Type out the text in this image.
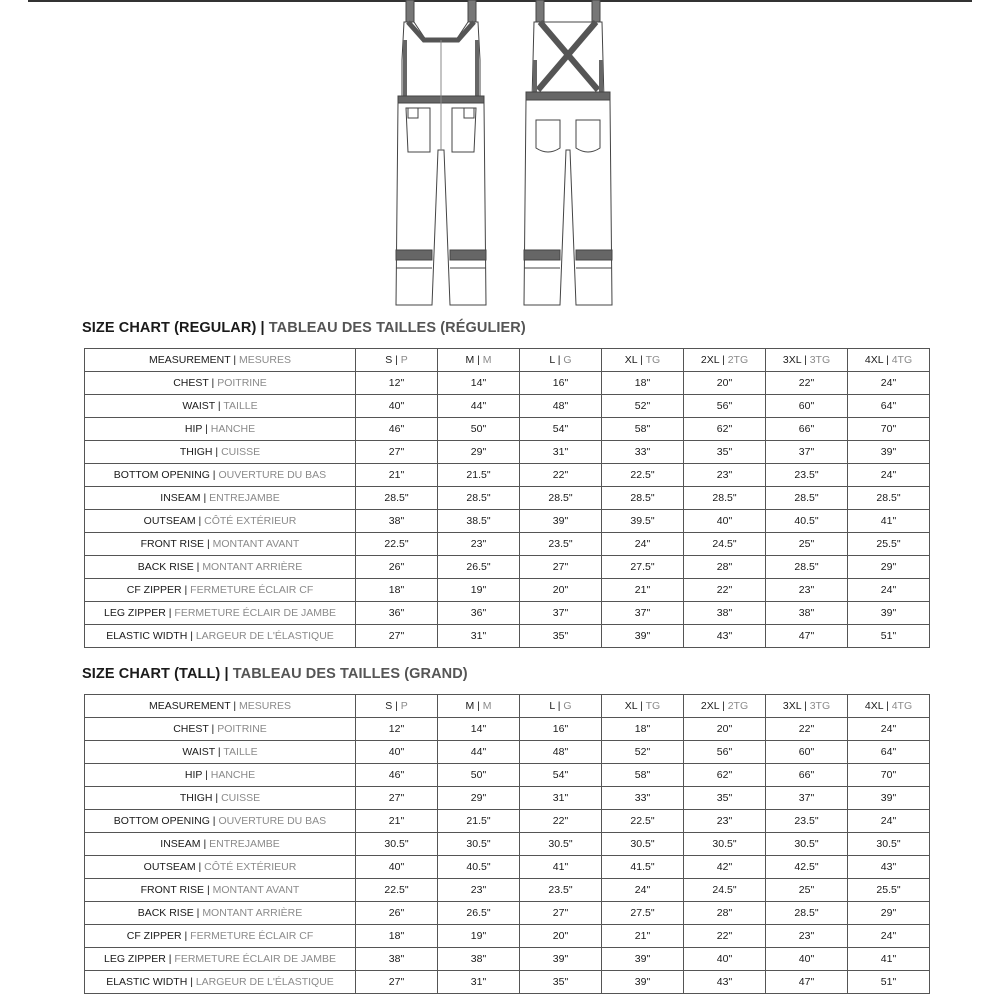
SIZE CHART (REGULAR) | TABLEAU DES TAILLES (RÉGULIER)
MEASUREMENT | MESURES	S | P	M | M	L | G	XL | TG	2XL | 2TG	3XL | 3TG	4XL | 4TG
CHEST | POITRINE	12"	14"	16"	18"	20"	22"	24"
WAIST | TAILLE	40"	44"	48"	52"	56"	60"	64"
HIP | HANCHE	46"	50"	54"	58"	62"	66"	70"
THIGH | CUISSE	27"	29"	31"	33"	35"	37"	39"
BOTTOM OPENING | OUVERTURE DU BAS	21"	21.5"	22"	22.5"	23"	23.5"	24"
INSEAM | ENTREJAMBE	28.5"	28.5"	28.5"	28.5"	28.5"	28.5"	28.5"
OUTSEAM | CÔTÉ EXTÉRIEUR	38"	38.5"	39"	39.5"	40"	40.5"	41"
FRONT RISE | MONTANT AVANT	22.5"	23"	23.5"	24"	24.5"	25"	25.5"
BACK RISE | MONTANT ARRIÈRE	26"	26.5"	27"	27.5"	28"	28.5"	29"
CF ZIPPER | FERMETURE ÉCLAIR CF	18"	19"	20"	21"	22"	23"	24"
LEG ZIPPER | FERMETURE ÉCLAIR DE JAMBE	36"	36"	37"	37"	38"	38"	39"
ELASTIC WIDTH | LARGEUR DE L'ÉLASTIQUE	27"	31"	35"	39"	43"	47"	51"
SIZE CHART (TALL) | TABLEAU DES TAILLES (GRAND)
MEASUREMENT | MESURES	S | P	M | M	L | G	XL | TG	2XL | 2TG	3XL | 3TG	4XL | 4TG
CHEST | POITRINE	12"	14"	16"	18"	20"	22"	24"
WAIST | TAILLE	40"	44"	48"	52"	56"	60"	64"
HIP | HANCHE	46"	50"	54"	58"	62"	66"	70"
THIGH | CUISSE	27"	29"	31"	33"	35"	37"	39"
BOTTOM OPENING | OUVERTURE DU BAS	21"	21.5"	22"	22.5"	23"	23.5"	24"
INSEAM | ENTREJAMBE	30.5"	30.5"	30.5"	30.5"	30.5"	30.5"	30.5"
OUTSEAM | CÔTÉ EXTÉRIEUR	40"	40.5"	41"	41.5"	42"	42.5"	43"
FRONT RISE | MONTANT AVANT	22.5"	23"	23.5"	24"	24.5"	25"	25.5"
BACK RISE | MONTANT ARRIÈRE	26"	26.5"	27"	27.5"	28"	28.5"	29"
CF ZIPPER | FERMETURE ÉCLAIR CF	18"	19"	20"	21"	22"	23"	24"
LEG ZIPPER | FERMETURE ÉCLAIR DE JAMBE	38"	38"	39"	39"	40"	40"	41"
ELASTIC WIDTH | LARGEUR DE L'ÉLASTIQUE	27"	31"	35"	39"	43"	47"	51"
